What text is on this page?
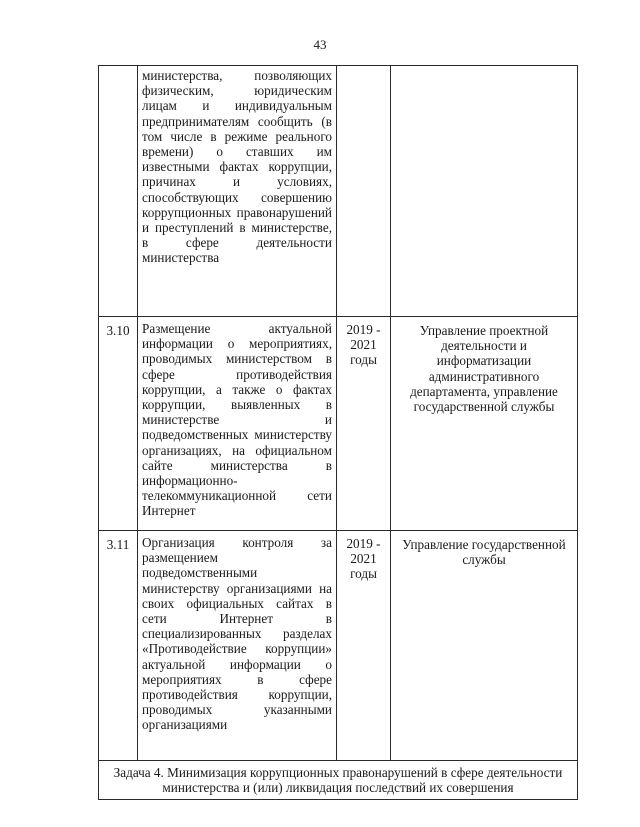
43
	министерства, позволяющих физическим, юридическим лицам и индивидуальным предпринимателям сообщить (в том числе в режиме реального времени) о ставших им известными фактах коррупции, причинах и условиях, способствующих совершению коррупционных правонарушений и преступлений в министерстве, в сфере деятельности министерства		
3.10	Размещение актуальной информации о мероприятиях, проводимых министерством в сфере противодействия коррупции, а также о фактах коррупции, выявленных в министерстве и подведомственных министерству организациях, на официальном сайте министерства в информационно-телекоммуникационной сети Интернет	2019 - 2021 годы	Управление проектной деятельности и информатизации административного департамента, управление государственной службы
3.11	Организация контроля за размещением подведомственными министерству организациями на своих официальных сайтах в сети Интернет в специализированных разделах «Противодействие коррупции» актуальной информации о мероприятиях в сфере противодействия коррупции, проводимых указанными организациями	2019 - 2021 годы	Управление государственной службы
Задача 4. Минимизация коррупционных правонарушений в сфере деятельности министерства и (или) ликвидация последствий их совершения			
